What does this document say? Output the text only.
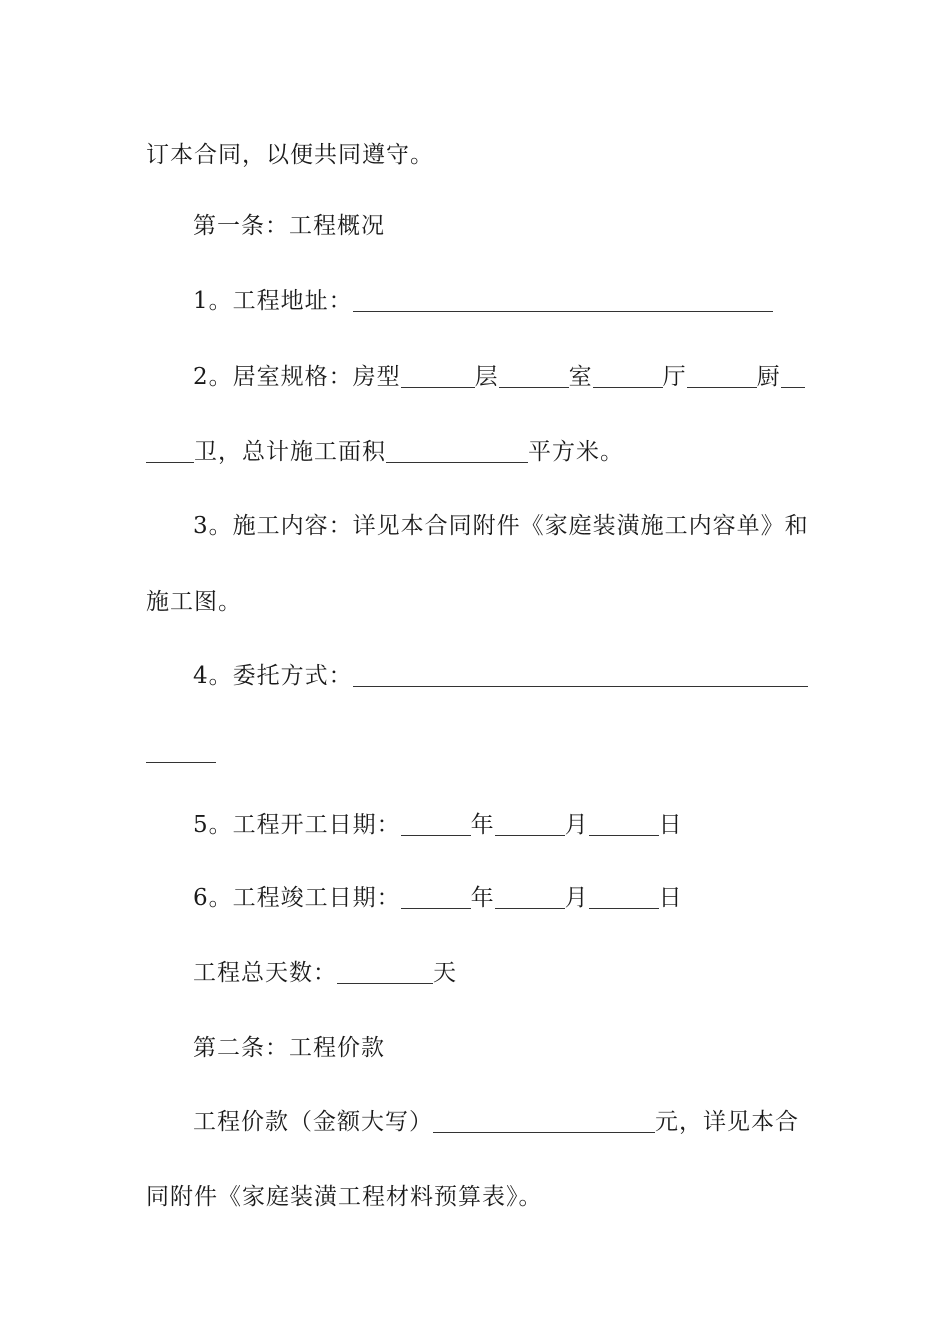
订本合同，以便共同遵守。
第一条：工程概况
1。工程地址：
2。居室规格：房型	层	室	厅	厨
卫，总计施工面积	平方米。
3。施工内容：详见本合同附件《家庭装潢施工内容单》和
施工图。
4。委托方式：
5。工程开工日期：	年	月	日
6。工程竣工日期：	年	月	日
工程总天数：	天
第二条：工程价款
工程价款（金额大写）	元，详见本合
同附件《家庭装潢工程材料预算表》。
